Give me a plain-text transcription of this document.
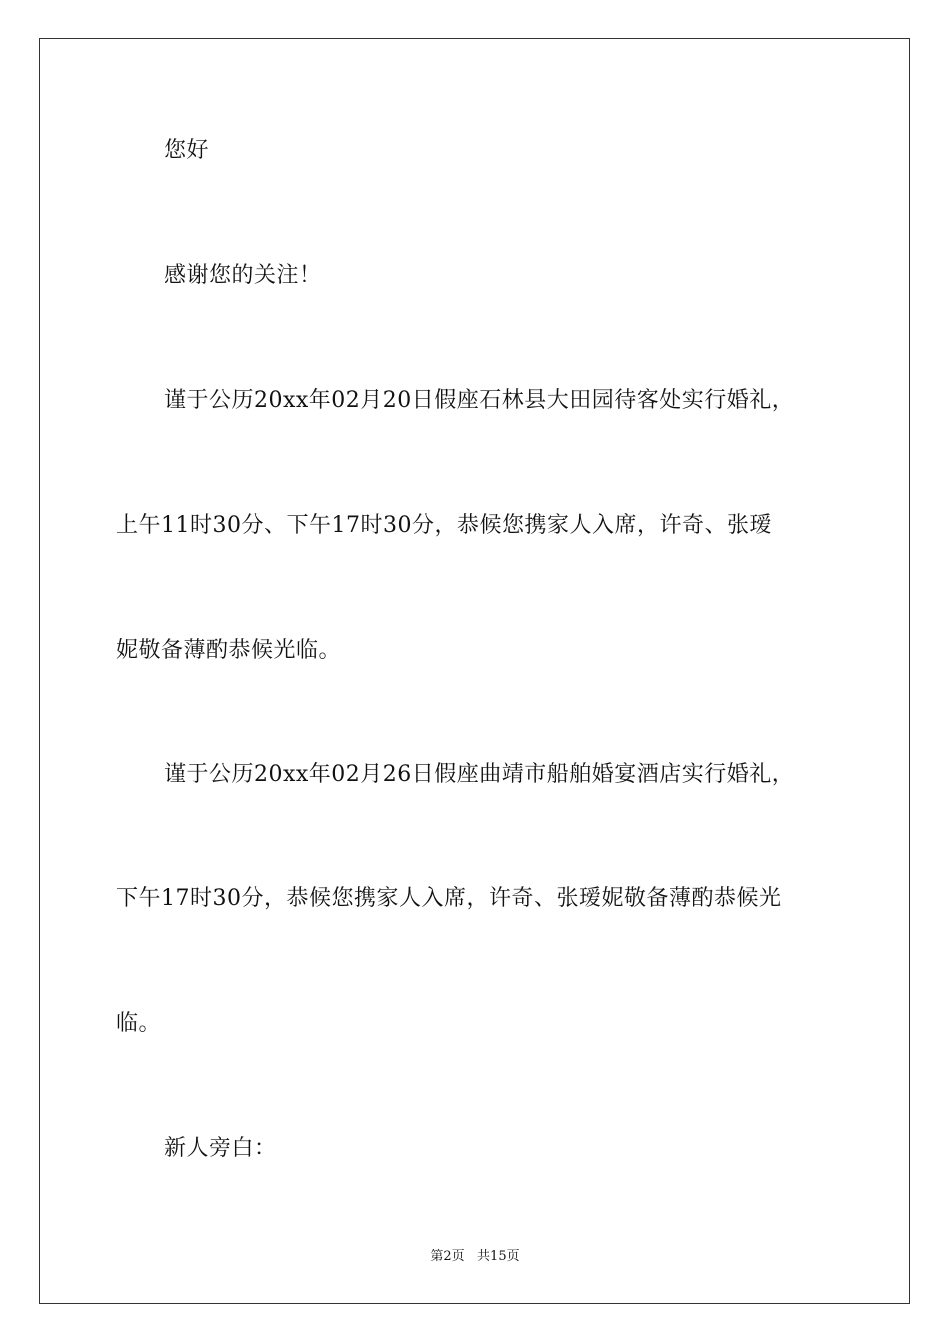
您好
感谢您的关注！
谨于公历20xx年02月20日假座石林县大田园待客处实行婚礼，
上午11时30分、下午17时30分，恭候您携家人入席，许奇、张瑷
妮敬备薄酌恭候光临。
谨于公历20xx年02月26日假座曲靖市船舶婚宴酒店实行婚礼，
下午17时30分，恭候您携家人入席，许奇、张瑷妮敬备薄酌恭候光
临。
新人旁白：
第2页   共15页
